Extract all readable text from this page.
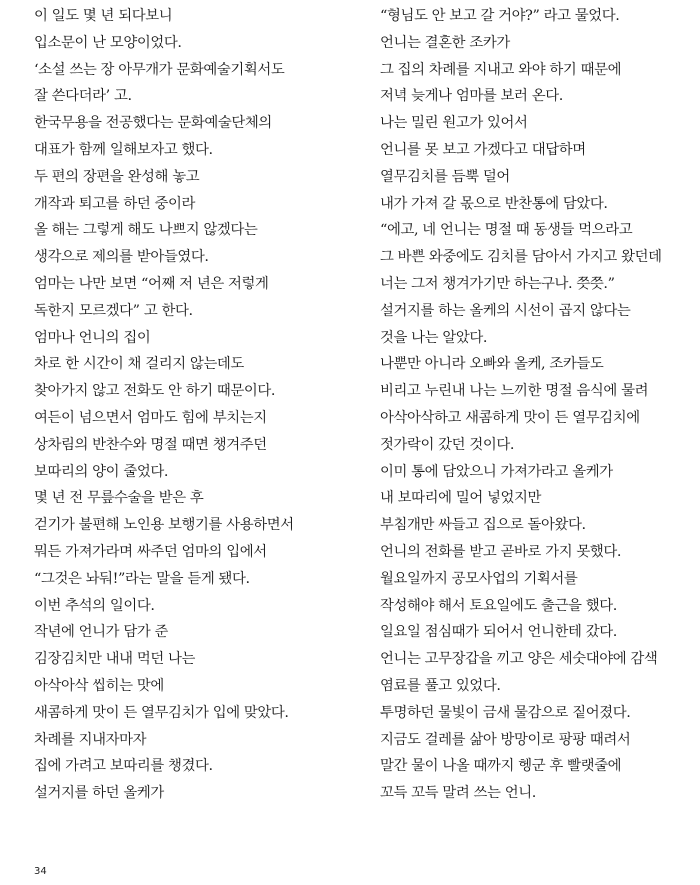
이 일도 몇 년 되다보니
입소문이 난 모양이었다.
‘소설 쓰는 장 아무개가 문화예술기획서도
잘 쓴다더라’ 고.
한국무용을 전공했다는 문화예술단체의
대표가 함께 일해보자고 했다.
두 편의 장편을 완성해 놓고
개작과 퇴고를 하던 중이라
올 해는 그렇게 해도 나쁘지 않겠다는
생각으로 제의를 받아들였다.
엄마는 나만 보면 “어째 저 년은 저렇게
독한지 모르겠다” 고 한다.
엄마나 언니의 집이
차로 한 시간이 채 걸리지 않는데도
찾아가지 않고 전화도 안 하기 때문이다.
여든이 넘으면서 엄마도 힘에 부치는지
상차림의 반찬수와 명절 때면 챙겨주던
보따리의 양이 줄었다.
몇 년 전 무릎수술을 받은 후
걷기가 불편해 노인용 보행기를 사용하면서
뭐든 가져가라며 싸주던 엄마의 입에서
“그것은 놔둬!”라는 말을 듣게 됐다.
이번 추석의 일이다.
작년에 언니가 담가 준
김장김치만 내내 먹던 나는
아삭아삭 씹히는 맛에
새콤하게 맛이 든 열무김치가 입에 맞았다.
차례를 지내자마자
집에 가려고 보따리를 챙겼다.
설거지를 하던 올케가
“형님도 안 보고 갈 거야?” 라고 물었다.
언니는 결혼한 조카가
그 집의 차례를 지내고 와야 하기 때문에
저녁 늦게나 엄마를 보러 온다.
나는 밀린 원고가 있어서
언니를 못 보고 가겠다고 대답하며
열무김치를 듬뿍 덜어
내가 가져 갈 몫으로 반찬통에 담았다.
“에고, 네 언니는 명절 때 동생들 먹으라고
그 바쁜 와중에도 김치를 담아서 가지고 왔던데
너는 그저 챙겨가기만 하는구나. 쯧쯧.”
설거지를 하는 올케의 시선이 곱지 않다는
것을 나는 알았다.
나뿐만 아니라 오빠와 올케, 조카들도
비리고 누린내 나는 느끼한 명절 음식에 물려
아삭아삭하고 새콤하게 맛이 든 열무김치에
젓가락이 갔던 것이다.
이미 통에 담았으니 가져가라고 올케가
내 보따리에 밀어 넣었지만
부침개만 싸들고 집으로 돌아왔다.
언니의 전화를 받고 곧바로 가지 못했다.
월요일까지 공모사업의 기획서를
작성해야 해서 토요일에도 출근을 했다.
일요일 점심때가 되어서 언니한테 갔다.
언니는 고무장갑을 끼고 양은 세숫대야에 감색
염료를 풀고 있었다.
투명하던 물빛이 금새 물감으로 짙어졌다.
지금도 걸레를 삶아 방망이로 팡팡 때려서
말간 물이 나올 때까지 헹군 후 빨랫줄에
꼬득 꼬득 말려 쓰는 언니.
34
